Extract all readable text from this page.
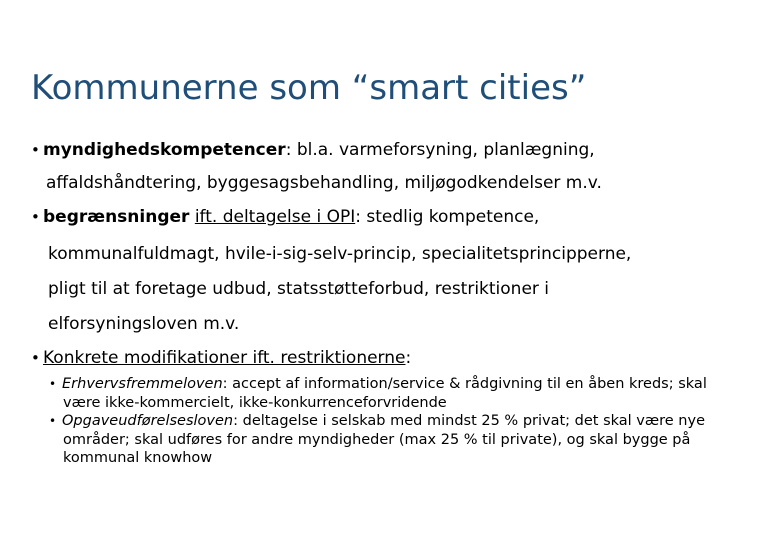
Kommunerne som “smart cities”
• myndighedskompetencer: bl.a. varmeforsyning, planlægning,
affaldshåndtering, byggesagsbehandling, miljøgodkendelser m.v.
• begrænsninger ift. deltagelse i OPI: stedlig kompetence,
kommunalfuldmagt, hvile-i-sig-selv-princip, specialitetsprincipperne,
pligt til at foretage udbud, statsstøtteforbud, restriktioner i
elforsyningsloven m.v.
• Konkrete modifikationer ift. restriktionerne:
• Erhvervsfremmeloven: accept af information/service & rådgivning til en åben kreds; skal
være ikke-kommercielt, ikke-konkurrenceforvridende
• Opgaveudførelsesloven: deltagelse i selskab med mindst 25 % privat; det skal være nye
områder; skal udføres for andre myndigheder (max 25 % til private), og skal bygge på
kommunal knowhow
